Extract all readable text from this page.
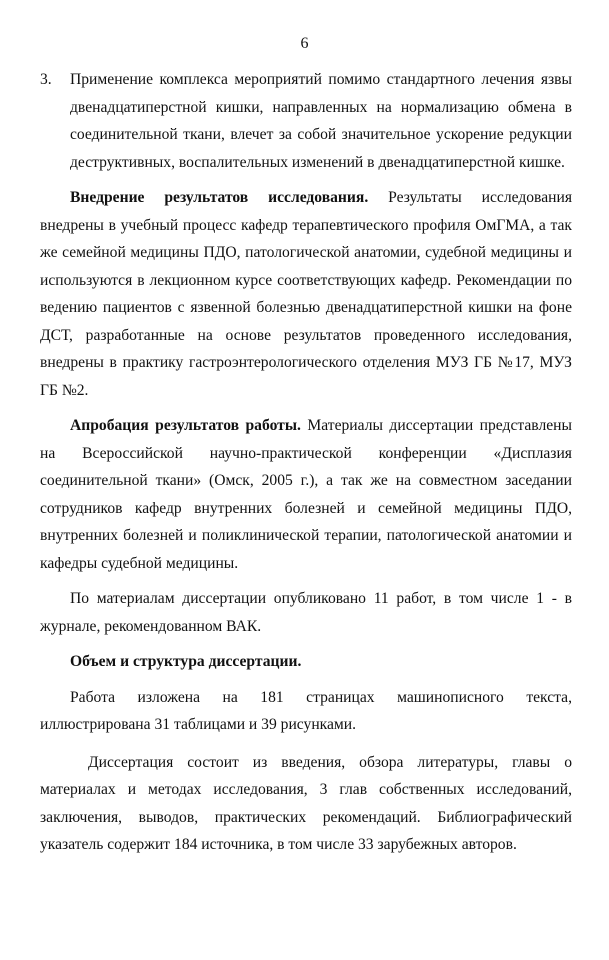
6

3. Применение комплекса мероприятий помимо стандартного лечения язвы двенадцатиперстной кишки, направленных на нормализацию обмена в соединительной ткани, влечет за собой значительное ускорение редукции деструктивных, воспалительных изменений в двенадцатиперстной кишке.

Внедрение результатов исследования. Результаты исследования внедрены в учебный процесс кафедр терапевтического профиля ОмГМА, а так же семейной медицины ПДО, патологической анатомии, судебной медицины и используются в лекционном курсе соответствующих кафедр. Рекомендации по ведению пациентов с язвенной болезнью двенадцатиперстной кишки на фоне ДСТ, разработанные на основе результатов проведенного исследования, внедрены в практику гастроэнтерологического отделения МУЗ ГБ №17, МУЗ ГБ №2.

Апробация результатов работы. Материалы диссертации представлены на Всероссийской научно-практической конференции «Дисплазия соединительной ткани» (Омск, 2005 г.), а так же на совместном заседании сотрудников кафедр внутренних болезней и семейной медицины ПДО, внутренних болезней и поликлинической терапии, патологической анатомии и кафедры судебной медицины.

По материалам диссертации опубликовано 11 работ, в том числе 1 - в журнале, рекомендованном ВАК.

Объем и структура диссертации.

Работа изложена на 181 страницах машинописного текста, иллюстрирована 31 таблицами и 39 рисунками.

Диссертация состоит из введения, обзора литературы, главы о материалах и методах исследования, 3 глав собственных исследований, заключения, выводов, практических рекомендаций. Библиографический указатель содержит 184 источника, в том числе 33 зарубежных авторов.
